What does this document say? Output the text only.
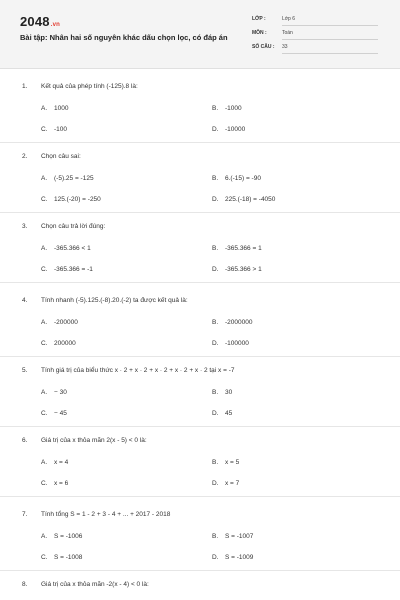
2048.vn
Bài tập: Nhân hai số nguyên khác dấu chọn lọc, có đáp án
LỚP :	Lớp 6
MÔN :	Toán
SỐ CÂU : 33
1. Kết quả của phép tính (-125).8 là:
A. 1000	B. -1000
C. -100	D. -10000
2. Chọn câu sai:
A. (-5).25 = -125	B. 6.(-15) = -90
C. 125.(-20) = -250	D. 225.(-18) = -4050
3. Chọn câu trả lời đúng:
A. -365.366 < 1	B. -365.366 = 1
C. -365.366 = -1	D. -365.366 > 1
4. Tính nhanh (-5).125.(-8).20.(-2) ta được kết quả là:
A. -200000	B. -2000000
C. 200000	D. -100000
5. Tính giá trị của biểu thức x · 2 + x · 2 + x · 2 + x · 2 + x · 2 tại x = -7
A. − 30	B. 30
C. − 45	D. 45
6. Giá trị của x thỏa mãn 2(x - 5) < 0 là:
A. x = 4	B. x = 5
C. x = 6	D. x = 7
7. Tính tổng S = 1 - 2 + 3 - 4 + ... + 2017 - 2018
A. S = -1006	B. S = -1007
C. S = -1008	D. S = -1009
8. Giá trị của x thỏa mãn -2(x - 4) < 0 là:
